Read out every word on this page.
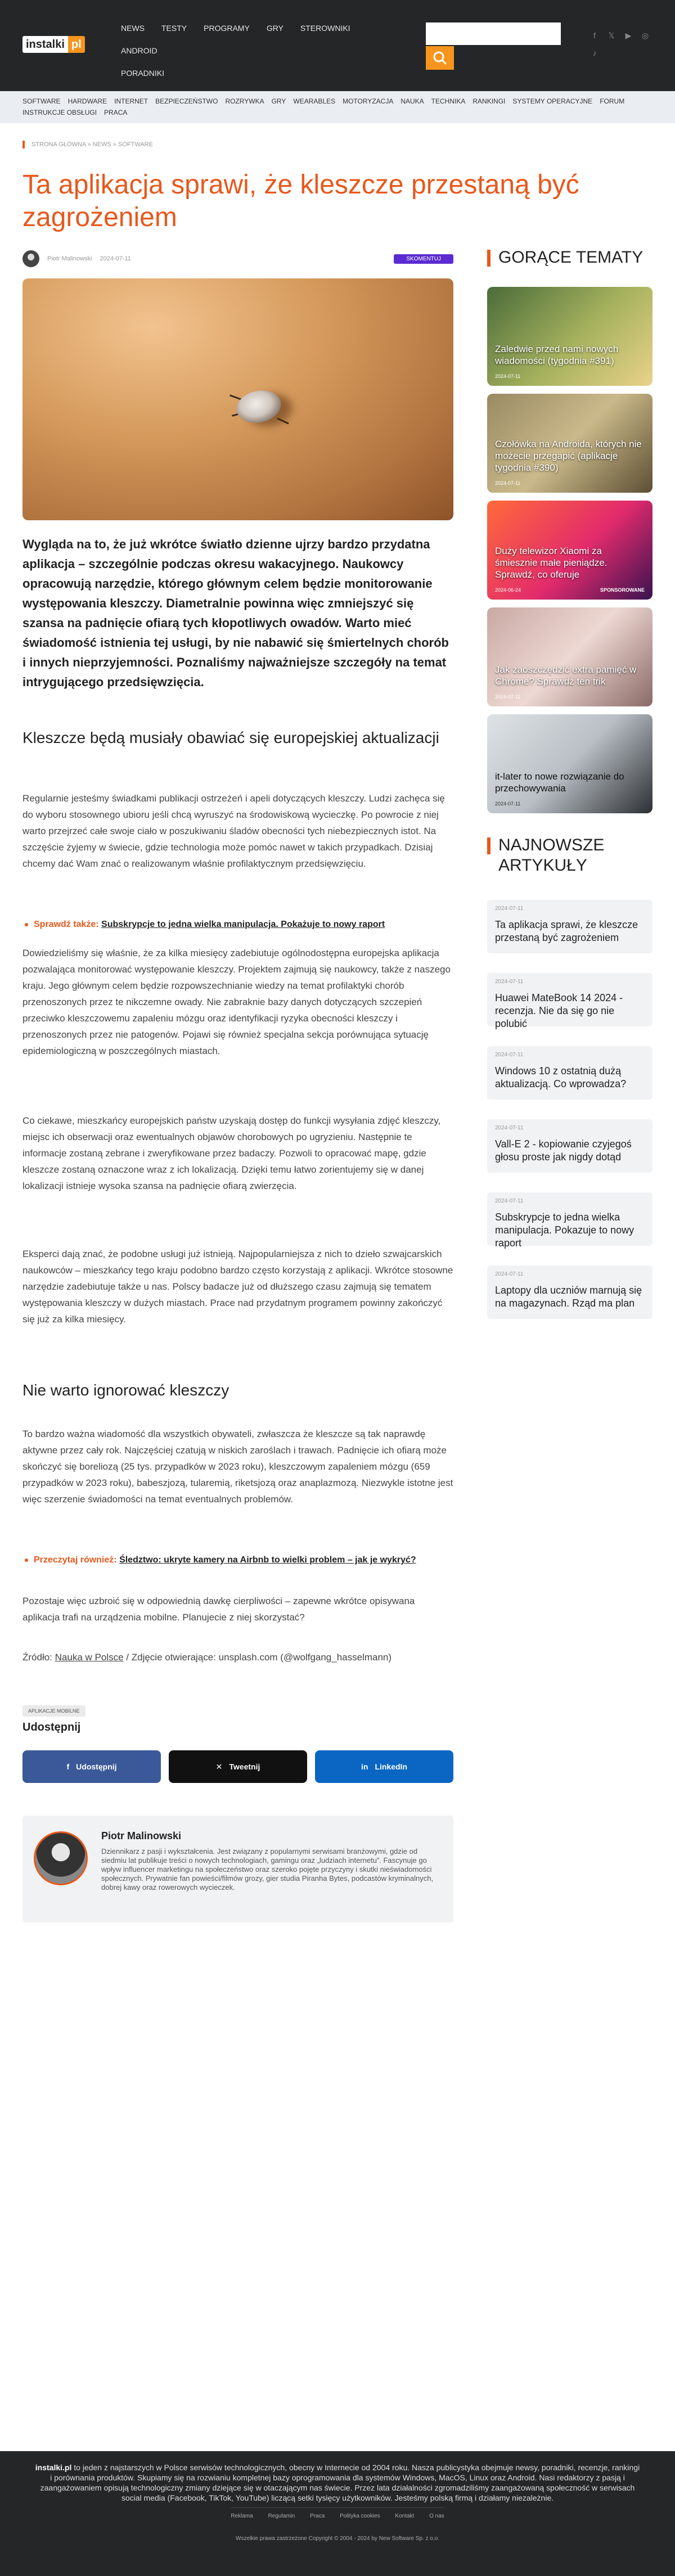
instalki pl
NEWS TESTY PROGRAMY GRY STEROWNIKI
ANDROID
PORADNIKI
f	𝕏 ▶ ◎
♪
SOFTWARE HARDWARE INTERNET BEZPIECZEŃSTWO ROZRYWKA GRY WEARABLES MOTORYZACJA NAUKA TECHNIKA RANKINGI SYSTEMY OPERACYJNE FORUM
INSTRUKCJE OBSŁUGI PRACA
STRONA GŁÓWNA » NEWS » SOFTWARE
Ta aplikacja sprawi, że kleszcze przestaną być zagrożeniem
Piotr Malinowski 2024-07-11	SKOMENTUJ

Wygląda na to, że już wkrótce światło dzienne ujrzy bardzo przydatna aplikacja – szczególnie podczas okresu wakacyjnego. Naukowcy opracowują narzędzie, którego głównym celem będzie monitorowanie występowania kleszczy. Diametralnie powinna więc zmniejszyć się szansa na padnięcie ofiarą tych kłopotliwych owadów. Warto mieć świadomość istnienia tej usługi, by nie nabawić się śmiertelnych chorób i innych nieprzyjemności. Poznaliśmy najważniejsze szczegóły na temat intrygującego przedsięwzięcia.

Kleszcze będą musiały obawiać się europejskiej aktualizacji

Regularnie jesteśmy świadkami publikacji ostrzeżeń i apeli dotyczących kleszczy. Ludzi zachęca się do wyboru stosownego ubioru jeśli chcą wyruszyć na środowiskową wycieczkę. Po powrocie z niej warto przejrzeć całe swoje ciało w poszukiwaniu śladów obecności tych niebezpiecznych istot. Na szczęście żyjemy w świecie, gdzie technologia może pomóc nawet w takich przypadkach. Dzisiaj chcemy dać Wam znać o realizowanym właśnie profilaktycznym przedsięwzięciu.

Sprawdź także: Subskrypcje to jedna wielka manipulacja. Pokażuje to nowy raport

Dowiedzieliśmy się właśnie, że za kilka miesięcy zadebiutuje ogólnodostępna europejska aplikacja pozwalająca monitorować występowanie kleszczy. Projektem zajmują się naukowcy, także z naszego kraju. Jego głównym celem będzie rozpowszechnianie wiedzy na temat profilaktyki chorób przenoszonych przez te nikczemne owady. Nie zabraknie bazy danych dotyczących szczepień przeciwko kleszczowemu zapaleniu mózgu oraz identyfikacji ryzyka obecności kleszczy i przenoszonych przez nie patogenów. Pojawi się również specjalna sekcja porównująca sytuację epidemiologiczną w poszczególnych miastach.

Co ciekawe, mieszkańcy europejskich państw uzyskają dostęp do funkcji wysyłania zdjęć kleszczy, miejsc ich obserwacji oraz ewentualnych objawów chorobowych po ugryzieniu. Następnie te informacje zostaną zebrane i zweryfikowane przez badaczy. Pozwoli to opracować mapę, gdzie kleszcze zostaną oznaczone wraz z ich lokalizacją. Dzięki temu łatwo zorientujemy się w danej lokalizacji istnieje wysoka szansa na padnięcie ofiarą zwierzęcia.

Eksperci dają znać, że podobne usługi już istnieją. Najpopularniejsza z nich to dzieło szwajcarskich naukowców – mieszkańcy tego kraju podobno bardzo często korzystają z aplikacji. Wkrótce stosowne narzędzie zadebiutuje także u nas. Polscy badacze już od dłuższego czasu zajmują się tematem występowania kleszczy w dużych miastach. Prace nad przydatnym programem powinny zakończyć się już za kilka miesięcy.

Nie warto ignorować kleszczy

To bardzo ważna wiadomość dla wszystkich obywateli, zwłaszcza że kleszcze są tak naprawdę aktywne przez cały rok. Najczęściej czatują w niskich zaroślach i trawach. Padnięcie ich ofiarą może skończyć się boreliozą (25 tys. przypadków w 2023 roku), kleszczowym zapaleniem mózgu (659 przypadków w 2023 roku), babeszjozą, tularemią, riketsjozą oraz anaplazmozą. Niezwykle istotne jest więc szerzenie świadomości na temat eventualnych problemów.

Przeczytaj również: Śledztwo: ukryte kamery na Airbnb to wielki problem – jak je wykryć?

Pozostaje więc uzbroić się w odpowiednią dawkę cierpliwości – zapewne wkrótce opisywana aplikacja trafi na urządzenia mobilne. Planujecie z niej skorzystać?

Źródło: Nauka w Polsce / Zdjęcie otwierające: unsplash.com (@wolfgang_hasselmann)

APLIKACJE MOBILNE
Udostępnij
f Udostępnij	✕ Tweetnij	in LinkedIn
Piotr Malinowski
Dziennikarz z pasji i wykształcenia. Jest związany z popularnymi serwisami branżowymi, gdzie od siedmiu lat publikuje treści o nowych technologiach, gamingu oraz „ludziach internetu”. Fascynuje go wpływ influencer marketingu na społeczeństwo oraz szeroko pojęte przyczyny i skutki nieświadomości społecznych. Prywatnie fan powieści/filmów grozy, gier studia Piranha Bytes, podcastów kryminalnych, dobrej kawy oraz rowerowych wycieczek.
GORĄCE TEMATY
Zaledwie przed nami nowych wiadomości (tygodnia #391)
2024-07-11
Czołówka na Androida, których nie możecie przegapić (aplikacje tygodnia #390)
2024-07-11
Duży telewizor Xiaomi za śmiesznie małe pieniądze. Sprawdź, co oferuje
2024-06-24	SPONSOROWANE
Jak zaoszczędzić extra pamięć w Chrome? Sprawdź ten trik
2024-07-11
it-later to nowe rozwiązanie do przechowywania
2024-07-11
NAJNOWSZE ARTYKUŁY
2024-07-11
Ta aplikacja sprawi, że kleszcze przestaną być zagrożeniem
2024-07-11
Huawei MateBook 14 2024 - recenzja. Nie da się go nie polubić
2024-07-11
Windows 10 z ostatnią dużą aktualizacją. Co wprowadza?
2024-07-11
Vall-E 2 - kopiowanie czyjegoś głosu proste jak nigdy dotąd
2024-07-11
Subskrypcje to jedna wielka manipulacja. Pokazuje to nowy raport
2024-07-11
Laptopy dla uczniów marnują się na magazynach. Rząd ma plan
instalki.pl to jeden z najstarszych w Polsce serwisów technologicznych, obecny w Internecie od 2004 roku. Nasza publicystyka obejmuje newsy, poradniki, recenzje, rankingi i porównania produktów. Skupiamy się na rozwianiu kompletnej bazy oprogramowania dla systemów Windows, MacOS, Linux oraz Android. Nasi redaktorzy z pasją i zaangażowaniem opisują technologiczny zmiany dziejące się w otaczającym nas świecie. Przez lata działalności zgromadziliśmy zaangażowaną społeczność w serwisach social media (Facebook, TikTok, YouTube) liczącą setki tysięcy użytkowników. Jesteśmy polską firmą i działamy niezależnie.
Reklama	Regulamin	Praca	Polityka cookies	Kontakt	O nas
Wszelkie prawa zastrzeżone Copyright © 2004 - 2024 by New Software Sp. z o.o.
